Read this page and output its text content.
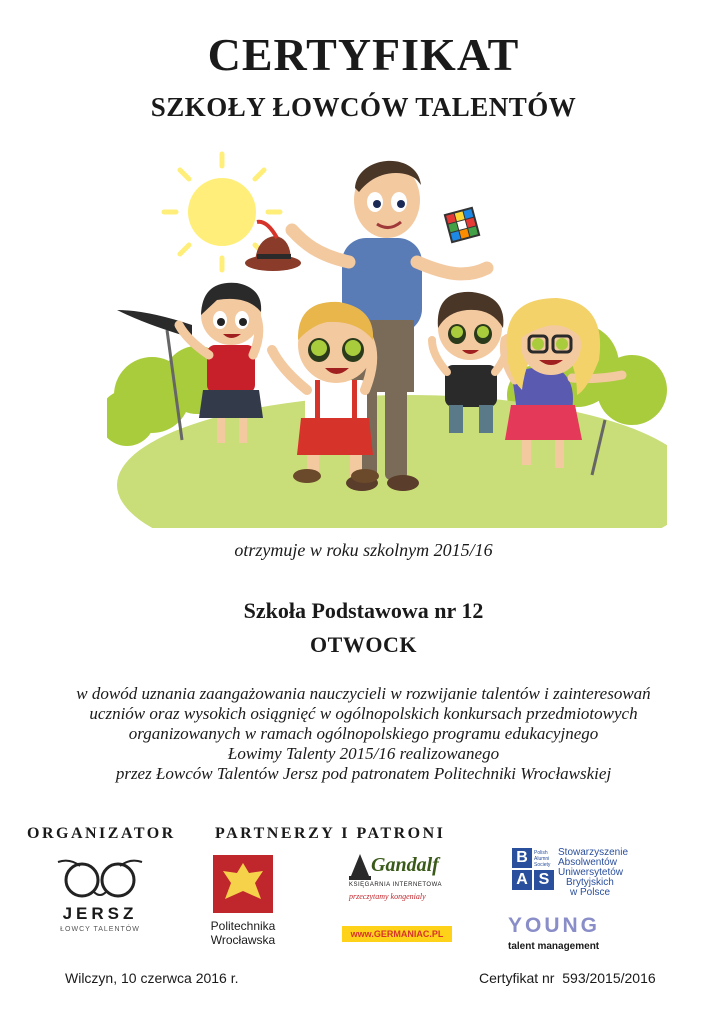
CERTYFIKAT
SZKOŁY ŁOWCÓW TALENTÓW
otrzymuje w roku szkolnym 2015/16
Szkoła Podstawowa nr 12
OTWOCK
w dowód uznania zaangażowania nauczycieli w rozwijanie talentów i zainteresowań
uczniów oraz wysokich osiągnięć w ogólnopolskich konkursach przedmiotowych
organizowanych w ramach ogólnopolskiego programu edukacyjnego
Łowimy Talenty 2015/16 realizowanego
przez Łowców Talentów Jersz pod patronatem Politechniki Wrocławskiej
ORGANIZATOR PARTNERZY I PATRONI
JERSZ
ŁOWCY TALENTÓW	Politechnika
Wrocławska
Gandalf
KSIĘGARNIA INTERNETOWA
przeczytamy kongenialy
www.GERMANIAC.PL
B
A S
Polish Alumni Society
Stowarzyszenie
Absolwentów
Uniwersytetów
Brytyjskich
w Polsce
YOUNG
talent management
Wilczyn, 10 czerwca 2016 r.	Certyfikat nr  593/2015/2016
